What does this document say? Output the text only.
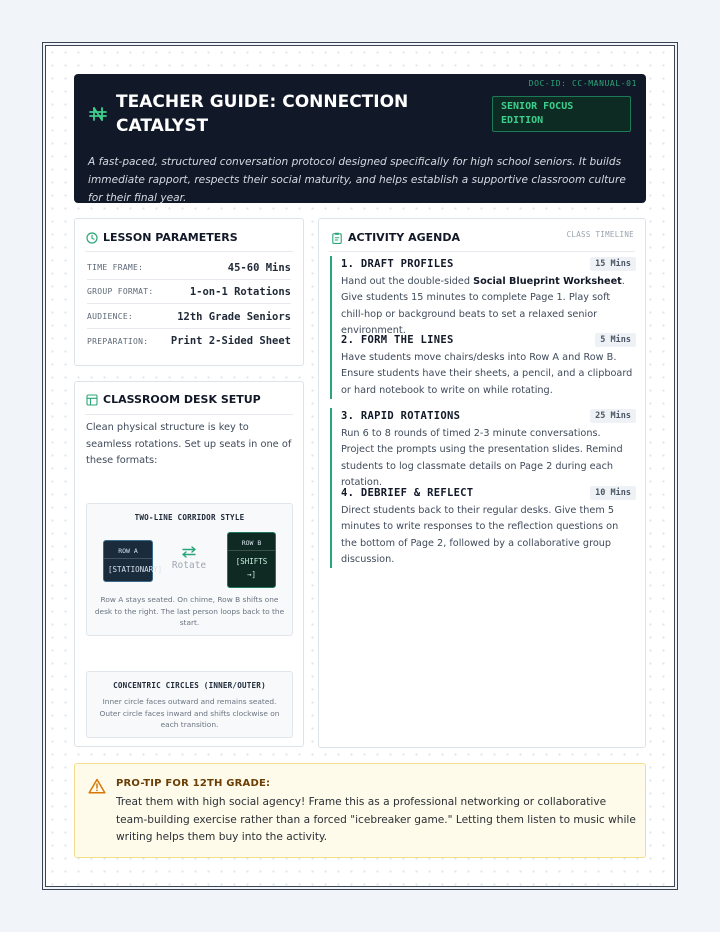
DOC-ID: CC-MANUAL-01
TEACHER GUIDE: CONNECTION CATALYST
SENIOR FOCUS
EDITION
A fast-paced, structured conversation protocol designed specifically for high school seniors. It builds immediate rapport, respects their social maturity, and helps establish a supportive classroom culture for their final year.
LESSON PARAMETERS
TIME FRAME:	45-60 Mins
GROUP FORMAT:	1-on-1 Rotations
AUDIENCE:	12th Grade Seniors
PREPARATION: Print 2-Sided Sheet
CLASSROOM DESK SETUP
Clean physical structure is key to seamless rotations. Set up seats in one of these formats:
TWO-LINE CORRIDOR STYLE
ROW A
[STATIONARY]	Rotate
ROW B
[SHIFTS
→]
Row A stays seated. On chime, Row B shifts one desk to the right. The last person loops back to the start.
CONCENTRIC CIRCLES (INNER/OUTER)
Inner circle faces outward and remains seated. Outer circle faces inward and shifts clockwise on each transition.
ACTIVITY AGENDA	CLASS TIMELINE
1. DRAFT PROFILES	15 Mins
Hand out the double-sided Social Blueprint Worksheet. Give students 15 minutes to complete Page 1. Play soft chill-hop or background beats to set a relaxed senior environment.
2. FORM THE LINES	5 Mins
Have students move chairs/desks into Row A and Row B. Ensure students have their sheets, a pencil, and a clipboard or hard notebook to write on while rotating.
3. RAPID ROTATIONS	25 Mins
Run 6 to 8 rounds of timed 2-3 minute conversations. Project the prompts using the presentation slides. Remind students to log classmate details on Page 2 during each rotation.
4. DEBRIEF & REFLECT	10 Mins
Direct students back to their regular desks. Give them 5 minutes to write responses to the reflection questions on the bottom of Page 2, followed by a collaborative group discussion.
PRO-TIP FOR 12TH GRADE:
Treat them with high social agency! Frame this as a professional networking or collaborative team-building exercise rather than a forced "icebreaker game." Letting them listen to music while writing helps them buy into the activity.
